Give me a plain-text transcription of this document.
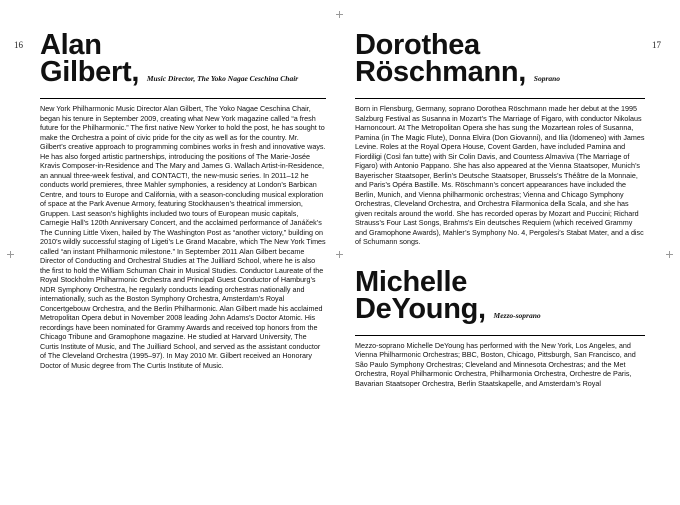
16	17
Alan
Gilbert, Music Director, The Yoko Nagae Ceschina Chair

New York Philharmonic Music Director Alan Gilbert, The Yoko Nagae Ceschina Chair, began his tenure in September 2009, creating what New York magazine called “a fresh future for the Philharmonic.” The first native New Yorker to hold the post, he has sought to make the Orchestra a point of civic pride for the city as well as for the country. Mr. Gilbert’s creative approach to programming combines works in fresh and innovative ways. He has also forged artistic partnerships, introducing the positions of The Marie-Josée Kravis Composer-in-Residence and The Mary and James G. Wallach Artist-in-Residence, an annual three-week festival, and CONTACT!, the new-music series. In 2011–12 he conducts world premieres, three Mahler symphonies, a residency at London’s Barbican Centre, and tours to Europe and California, with a season-concluding musical exploration of space at the Park Avenue Armory, featuring Stockhausen’s theatrical immersion, Gruppen. Last season’s highlights included two tours of European music capitals, Carnegie Hall’s 120th Anniversary Concert, and the acclaimed performance of Janáček’s The Cunning Little Vixen, hailed by The Washington Post as “another victory,” building on 2010’s wildly successful staging of Ligeti’s Le Grand Macabre, which The New York Times called “an instant Philharmonic milestone.” In September 2011 Alan Gilbert became Director of Conducting and Orchestral Studies at The Juilliard School, where he is also the first to hold the William Schuman Chair in Musical Studies. Conductor Laureate of the Royal Stockholm Philharmonic Orchestra and Principal Guest Conductor of Hamburg’s NDR Symphony Orchestra, he regularly conducts leading orchestras nationally and internationally, such as the Boston Symphony Orchestra, Amsterdam’s Royal Concertgebouw Orchestra, and the Berlin Philharmonic. Alan Gilbert made his acclaimed Metropolitan Opera debut in November 2008 leading John Adams’s Doctor Atomic. His recordings have been nominated for Grammy Awards and received top honors from the Chicago Tribune and Gramophone magazine. He studied at Harvard University, The Curtis Institute of Music, and The Juilliard School, and served as the assistant conductor of The Cleveland Orchestra (1995–97). In May 2010 Mr. Gilbert received an Honorary Doctor of Music degree from The Curtis Institute of Music.

Dorothea
Röschmann, Soprano

Born in Flensburg, Germany, soprano Dorothea Röschmann made her debut at the 1995 Salzburg Festival as Susanna in Mozart’s The Marriage of Figaro, with conductor Nikolaus Harnoncourt. At The Metropolitan Opera she has sung the Mozartean roles of Susanna, Pamina (in The Magic Flute), Donna Elvira (Don Giovanni), and Ilia (Idomeneo) with James Levine. Roles at the Royal Opera House, Covent Garden, have included Pamina and Fiordiligi (Così fan tutte) with Sir Colin Davis, and Countess Almaviva (The Marriage of Figaro) with Antonio Pappano. She has also appeared at the Vienna Staatsoper, Munich’s Bayerischer Staatsoper, Berlin’s Deutsche Staatsoper, Brussels’s Théâtre de la Monnaie, and Paris’s Opéra Bastille. Ms. Röschmann’s concert appearances have included the Berlin, Munich, and Vienna philharmonic orchestras; Vienna and Chicago Symphony Orchestras, Cleveland Orchestra, and Orchestra Filarmonica della Scala, and she has given recitals around the world. She has recorded operas by Mozart and Puccini; Richard Strauss’s Four Last Songs, Brahms’s Ein deutsches Requiem (which received Grammy and Gramophone Awards), Mahler’s Symphony No. 4, Pergolesi’s Stabat Mater, and a disc of Schumann songs.

Michelle
DeYoung, Mezzo-soprano

Mezzo-soprano Michelle DeYoung has performed with the New York, Los Angeles, and Vienna Philharmonic Orchestras; BBC, Boston, Chicago, Pittsburgh, San Francisco, and São Paulo Symphony Orchestras; Cleveland and Minnesota Orchestras; and the Met Orchestra, Royal Philharmonic Orchestra, Philharmonia Orchestra, Orchestre de Paris, Bavarian Staatsoper Orchestra, Berlin Staatskapelle, and Amsterdam’s Royal
